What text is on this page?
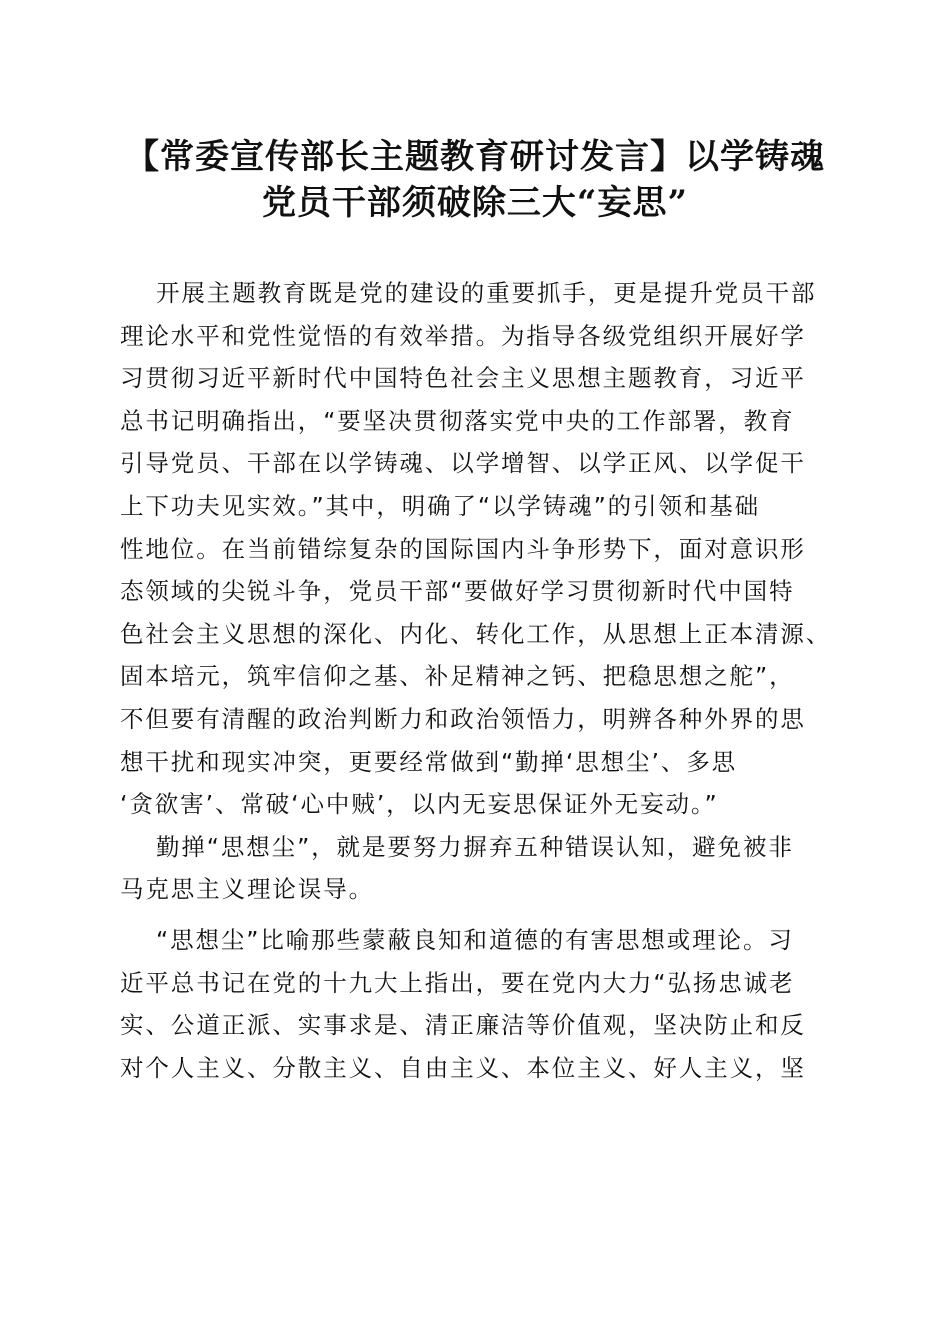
【常委宣传部长主题教育研讨发言】以学铸魂
党员干部须破除三大“妄思”
开展主题教育既是党的建设的重要抓手，更是提升党员干部
理论水平和党性觉悟的有效举措。为指导各级党组织开展好学
习贯彻习近平新时代中国特色社会主义思想主题教育，习近平
总书记明确指出，“要坚决贯彻落实党中央的工作部署，教育
引导党员、干部在以学铸魂、以学增智、以学正风、以学促干
上下功夫见实效。”其中，明确了“以学铸魂”的引领和基础
性地位。在当前错综复杂的国际国内斗争形势下，面对意识形
态领域的尖锐斗争，党员干部“要做好学习贯彻新时代中国特
色社会主义思想的深化、内化、转化工作，从思想上正本清源、
固本培元，筑牢信仰之基、补足精神之钙、把稳思想之舵”，
不但要有清醒的政治判断力和政治领悟力，明辨各种外界的思
想干扰和现实冲突，更要经常做到“勤掸‘思想尘’、多思
‘贪欲害’、常破‘心中贼’，以内无妄思保证外无妄动。”
勤掸“思想尘”，就是要努力摒弃五种错误认知，避免被非
马克思主义理论误导。
“思想尘”比喻那些蒙蔽良知和道德的有害思想或理论。习
近平总书记在党的十九大上指出，要在党内大力“弘扬忠诚老
实、公道正派、实事求是、清正廉洁等价值观，坚决防止和反
对个人主义、分散主义、自由主义、本位主义、好人主义，坚
